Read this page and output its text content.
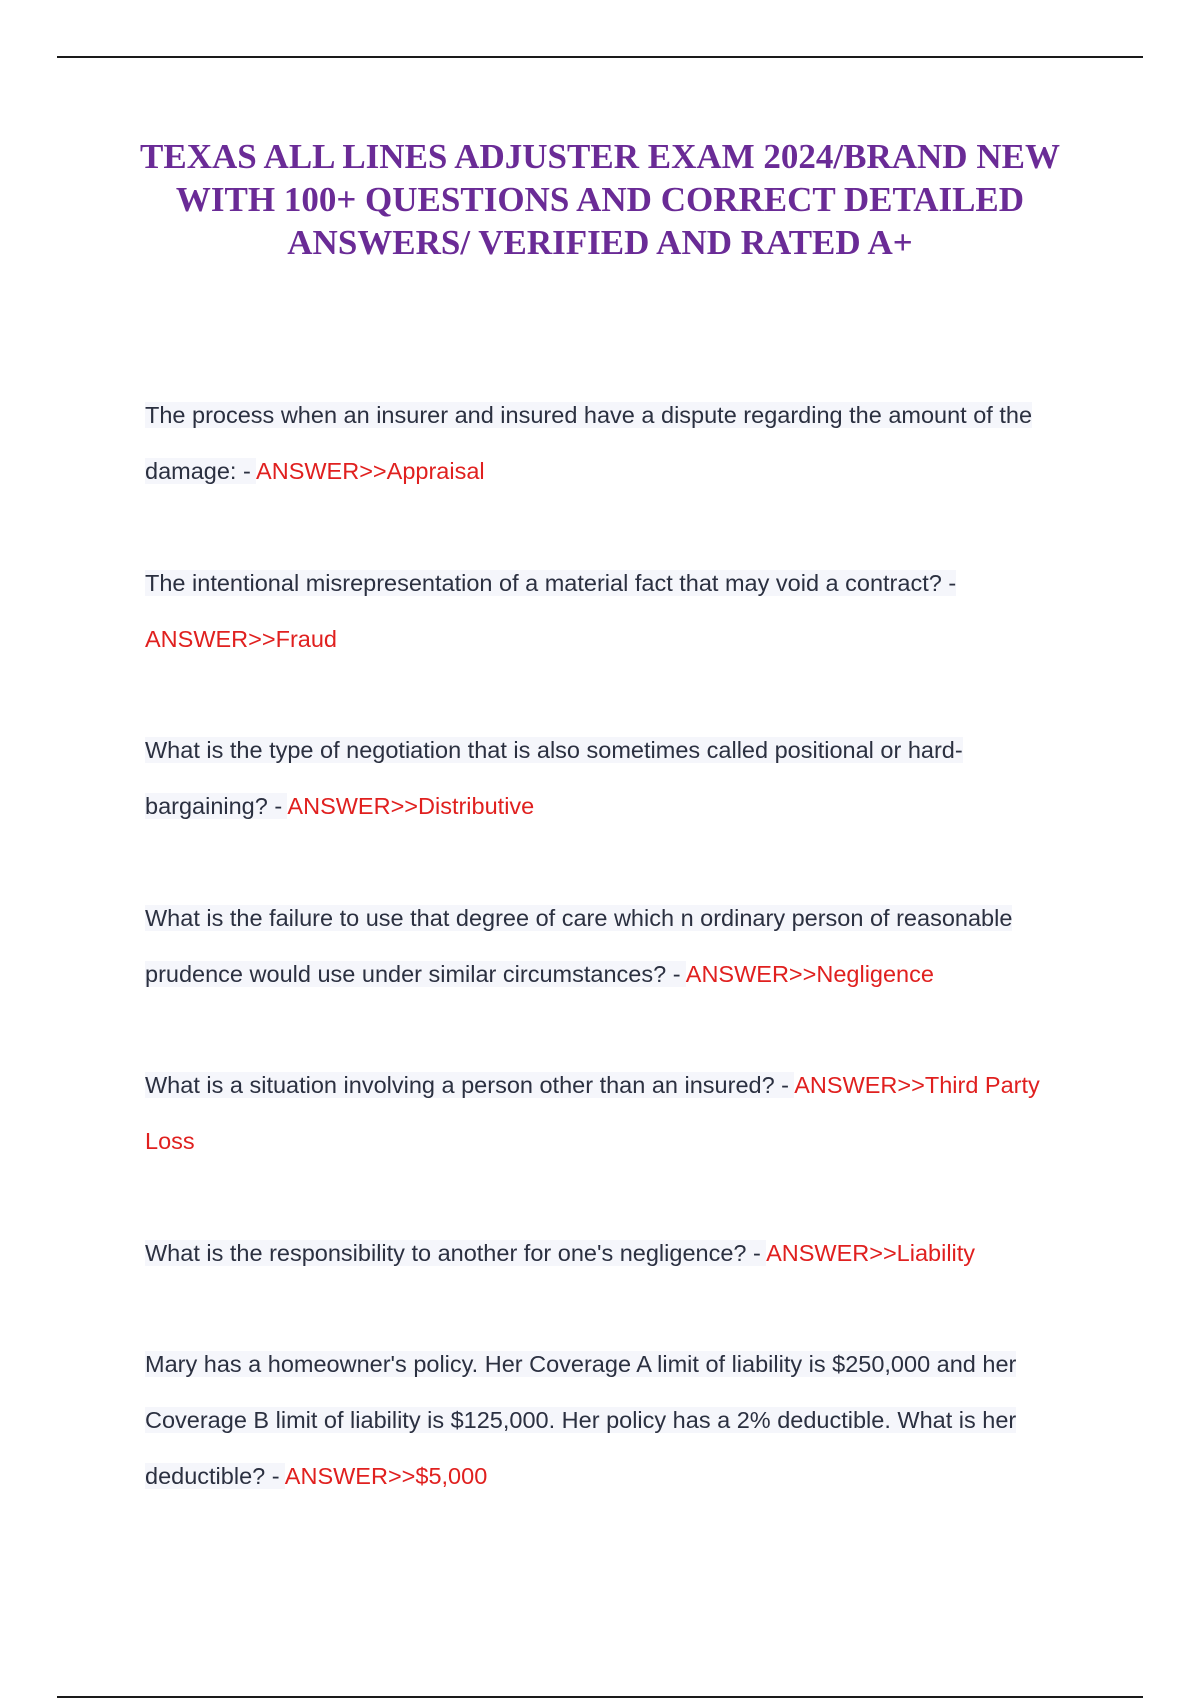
TEXAS ALL LINES ADJUSTER EXAM 2024/BRAND NEW WITH 100+ QUESTIONS AND CORRECT DETAILED ANSWERS/ VERIFIED AND RATED A+

The process when an insurer and insured have a dispute regarding the amount of the damage: - ANSWER>>Appraisal

The intentional misrepresentation of a material fact that may void a contract? - ANSWER>>Fraud

What is the type of negotiation that is also sometimes called positional or hard-bargaining? - ANSWER>>Distributive

What is the failure to use that degree of care which n ordinary person of reasonable prudence would use under similar circumstances? - ANSWER>>Negligence

What is a situation involving a person other than an insured? - ANSWER>>Third Party Loss

What is the responsibility to another for one's negligence? - ANSWER>>Liability

Mary has a homeowner's policy. Her Coverage A limit of liability is $250,000 and her Coverage B limit of liability is $125,000. Her policy has a 2% deductible. What is her deductible? - ANSWER>>$5,000
